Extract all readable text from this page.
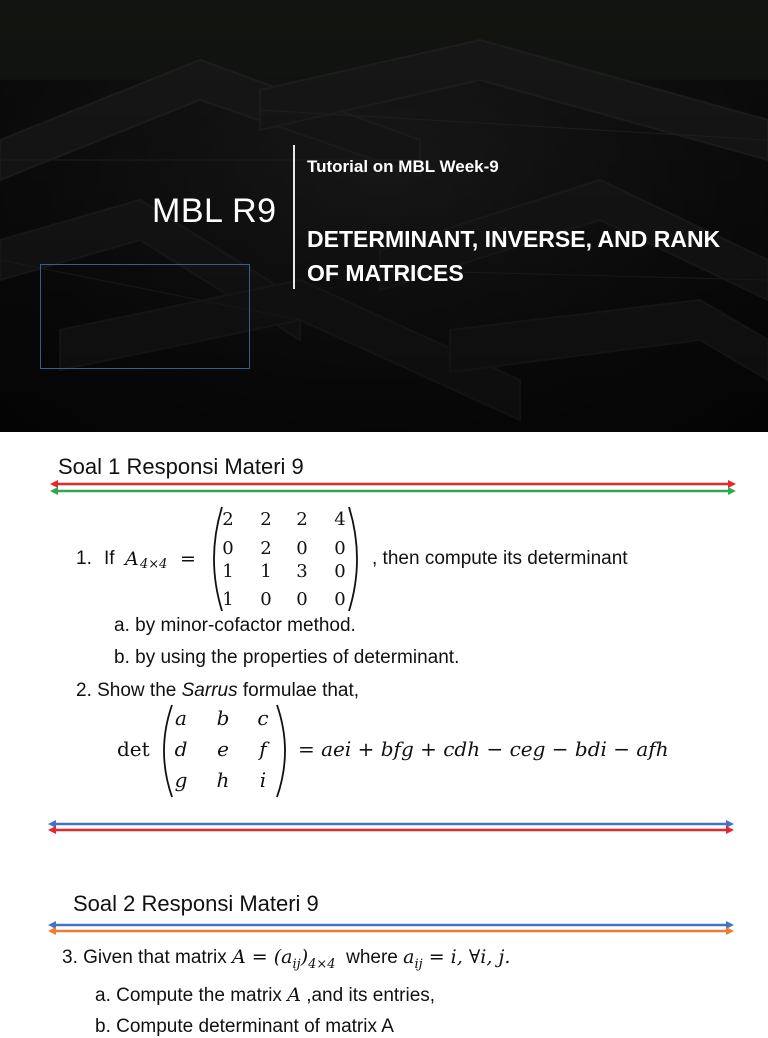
MBL R9
Tutorial on MBL Week-9
DETERMINANT, INVERSE, AND RANK OF MATRICES
Soal 1 Responsi Materi 9
1. If A 4×4 =
2	2	2	4
0	2	0	0
1	1	3	0
1	0	0	0
, then compute its determinant
a. by minor-cofactor method.
b. by using the properties of determinant.
2. Show the Sarrus formulae that,
det
a	b	c
d	e	f
g	h	i
= aei + bfg + cdh − ceg − bdi − afh
Soal 2 Responsi Materi 9
3. Given that matrix $A = (a_{ij})_{4\times 4}$ where $a_{ij} = i$, ∀i, j.
a. Compute the matrix A ,and its entries,
b. Compute determinant of matrix A
